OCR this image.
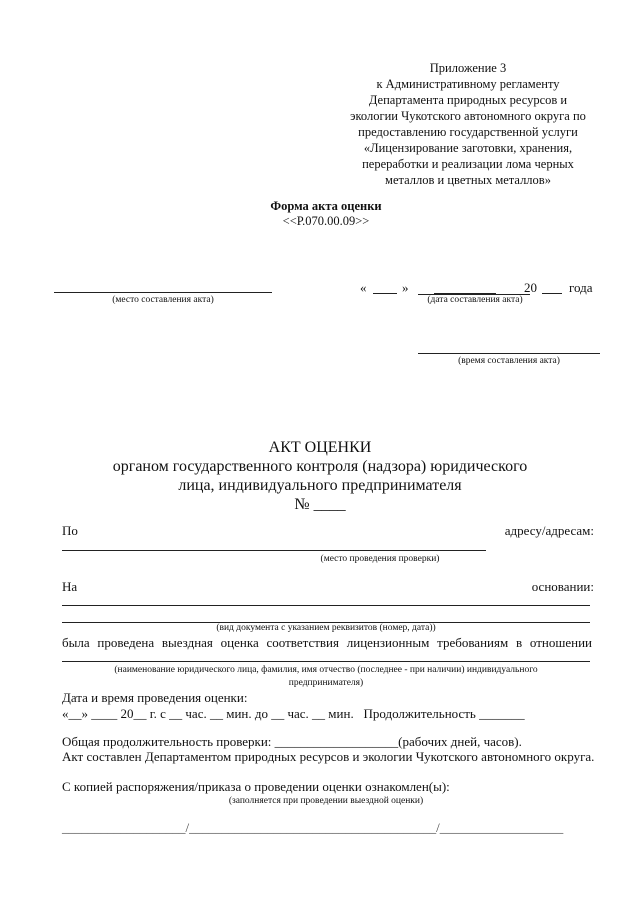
Приложение 3
к Административному регламенту
Департамента природных ресурсов и
экологии Чукотского автономного округа по
предоставлению государственной услуги
«Лицензирование заготовки, хранения,
переработки и реализации лома черных
металлов и цветных металлов»
Форма акта оценки
<<Р.070.00.09>>
(место составления акта)
«	»	20 года
(дата составления акта)
(время составления акта)
АКТ ОЦЕНКИ
органом государственного контроля (надзора) юридического
лица, индивидуального предпринимателя
№ ____
По	адресу/адресам:
(место проведения проверки)
На	основании:
(вид документа с указанием реквизитов (номер, дата))
была проведена выездная оценка соответствия лицензионным требованиям в отношении
(наименование юридического лица, фамилия, имя отчество (последнее - при наличии) индивидуального
предпринимателя)
Дата и время проведения оценки:
«__» ____ 20__ г. с __ час. __ мин. до __ час. __ мин.   Продолжительность _______
Общая продолжительность проверки: ___________________(рабочих дней, часов).
Акт составлен Департаментом природных ресурсов и экологии Чукотского автономного округа.
С копией распоряжения/приказа о проведении оценки ознакомлен(ы):
(заполняется при проведении выездной оценки)
___________________/______________________________________/___________________
